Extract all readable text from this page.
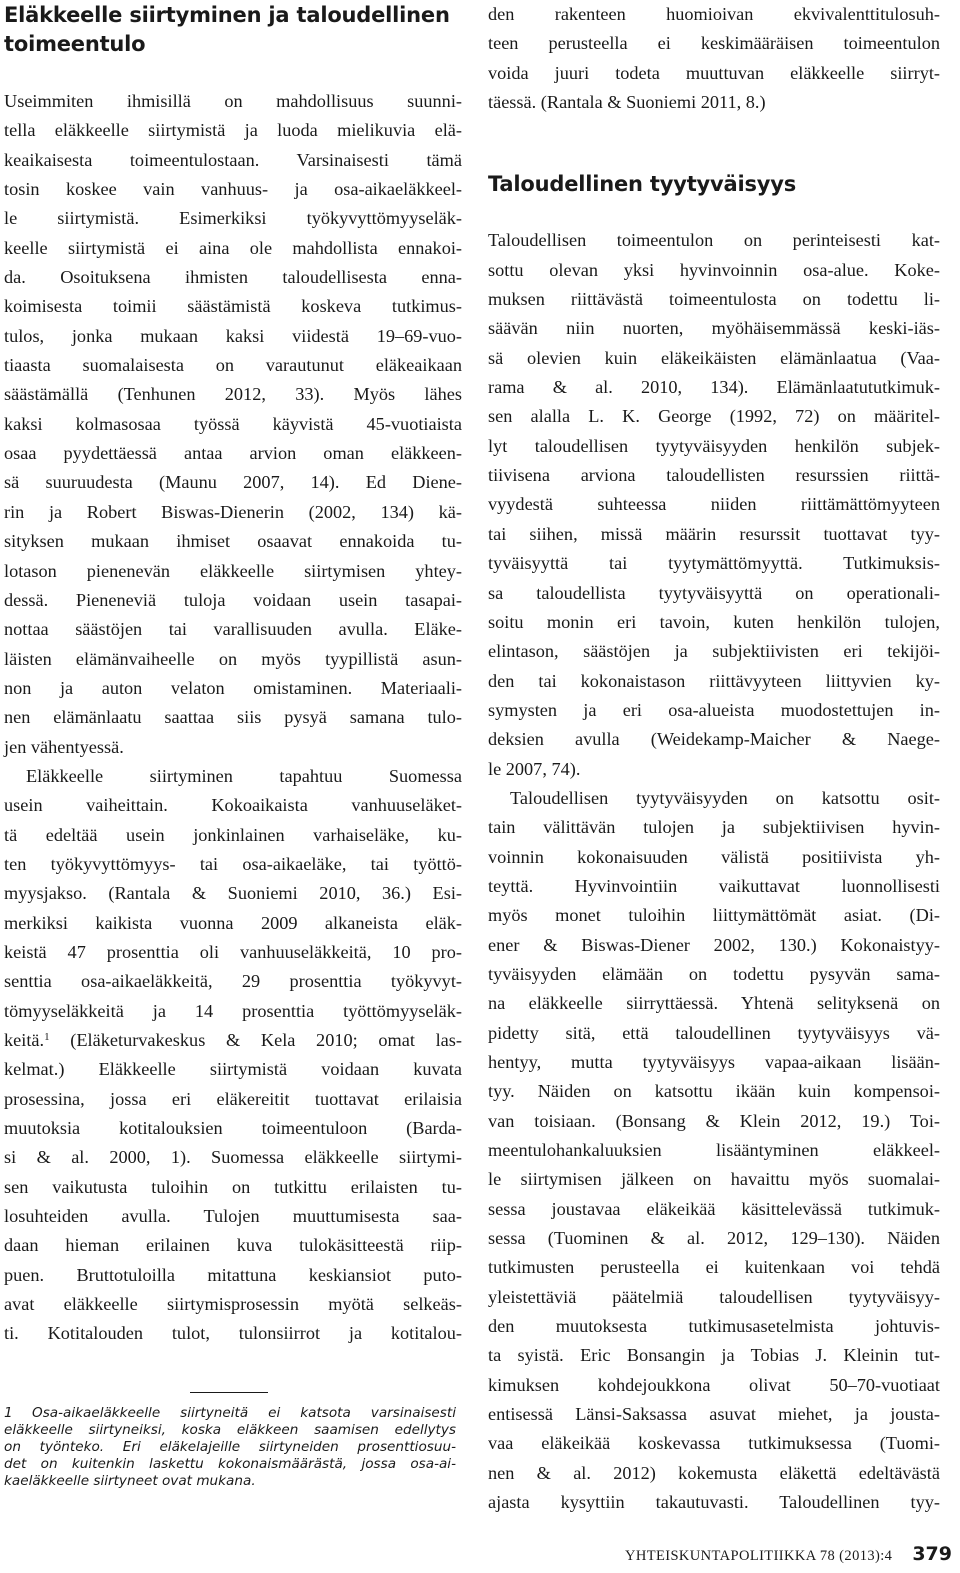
Eläkkeelle siirtyminen ja taloudellinen
toimeentulo
Useimmiten ihmisillä on mahdollisuus suunni-
tella eläkkeelle siirtymistä ja luoda mielikuvia elä-
keaikaisesta toimeentulostaan. Varsinaisesti tämä
tosin koskee vain vanhuus- ja osa-aikaeläkkeel-
le siirtymistä. Esimerkiksi työkyvyttömyyseläk-
keelle siirtymistä ei aina ole mahdollista ennakoi-
da. Osoituksena ihmisten taloudellisesta enna-
koimisesta toimii säästämistä koskeva tutkimus-
tulos, jonka mukaan kaksi viidestä 19–69-vuo-
tiaasta suomalaisesta on varautunut eläkeaikaan
säästämällä (Tenhunen 2012, 33). Myös lähes
kaksi kolmasosaa työssä käyvistä 45-vuotiaista
osaa pyydettäessä antaa arvion oman eläkkeen-
sä suuruudesta (Maunu 2007, 14). Ed Diene-
rin ja Robert Biswas-Dienerin (2002, 134) kä-
sityksen mukaan ihmiset osaavat ennakoida tu-
lotason pienenevän eläkkeelle siirtymisen yhtey-
dessä. Pieneneviä tuloja voidaan usein tasapai-
nottaa säästöjen tai varallisuuden avulla. Eläke-
läisten elämänvaiheelle on myös tyypillistä asun-
non ja auton velaton omistaminen. Materiaali-
nen elämänlaatu saattaa siis pysyä samana tulo-
jen vähentyessä.
Eläkkeelle siirtyminen tapahtuu Suomessa
usein vaiheittain. Kokoaikaista vanhuuseläket-
tä edeltää usein jonkinlainen varhaiseläke, ku-
ten työkyvyttömyys- tai osa-aikaeläke, tai työttö-
myysjakso. (Rantala & Suoniemi 2010, 36.) Esi-
merkiksi kaikista vuonna 2009 alkaneista eläk-
keistä 47 prosenttia oli vanhuuseläkkeitä, 10 pro-
senttia osa-aikaeläkkeitä, 29 prosenttia työkyvyt-
tömyyseläkkeitä ja 14 prosenttia työttömyyseläk-
keitä.$^1$ (Eläketurvakeskus & Kela 2010; omat las-
kelmat.) Eläkkeelle siirtymistä voidaan kuvata
prosessina, jossa eri eläkereitit tuottavat erilaisia
muutoksia kotitalouksien toimeentuloon (Barda-
si & al. 2000, 1). Suomessa eläkkeelle siirtymi-
sen vaikutusta tuloihin on tutkittu erilaisten tu-
losuhteiden avulla. Tulojen muuttumisesta saa-
daan hieman erilainen kuva tulokäsitteestä riip-
puen. Bruttotuloilla mitattuna keskiansiot puto-
avat eläkkeelle siirtymisprosessin myötä selkeäs-
ti. Kotitalouden tulot, tulonsiirrot ja kotitalou-
1 Osa-aikaeläkkeelle siirtyneitä ei katsota varsinaisesti
eläkkeelle siirtyneiksi, koska eläkkeen saamisen edellytys
on työnteko. Eri eläkelajeille siirtyneiden prosenttiosuu-
det on kuitenkin laskettu kokonaismäärästä, jossa osa-ai-
kaeläkkeelle siirtyneet ovat mukana.
den rakenteen huomioivan ekvivalenttitulosuh-
teen perusteella ei keskimääräisen toimeentulon
voida juuri todeta muuttuvan eläkkeelle siirryt-
täessä. (Rantala & Suoniemi 2011, 8.)
Taloudellinen tyytyväisyys
Taloudellisen toimeentulon on perinteisesti kat-
sottu olevan yksi hyvinvoinnin osa-alue. Koke-
muksen riittävästä toimeentulosta on todettu li-
säävän niin nuorten, myöhäisemmässä keski-iäs-
sä olevien kuin eläkeikäisten elämänlaatua (Vaa-
rama & al. 2010, 134). Elämänlaatututkimuk-
sen alalla L. K. George (1992, 72) on määritel-
lyt taloudellisen tyytyväisyyden henkilön subjek-
tiivisena arviona taloudellisten resurssien riittä-
vyydestä suhteessa niiden riittämättömyyteen
tai siihen, missä määrin resurssit tuottavat tyy-
tyväisyyttä tai tyytymättömyyttä. Tutkimuksis-
sa taloudellista tyytyväisyyttä on operationali-
soitu monin eri tavoin, kuten henkilön tulojen,
elintason, säästöjen ja subjektiivisten eri tekijöi-
den tai kokonaistason riittävyyteen liittyvien ky-
symysten ja eri osa-alueista muodostettujen in-
deksien avulla (Weidekamp-Maicher & Naege-
le 2007, 74).
Taloudellisen tyytyväisyyden on katsottu osit-
tain välittävän tulojen ja subjektiivisen hyvin-
voinnin kokonaisuuden välistä positiivista yh-
teyttä. Hyvinvointiin vaikuttavat luonnollisesti
myös monet tuloihin liittymättömät asiat. (Di-
ener & Biswas-Diener 2002, 130.) Kokonaistyy-
tyväisyyden elämään on todettu pysyvän sama-
na eläkkeelle siirryttäessä. Yhtenä selityksenä on
pidetty sitä, että taloudellinen tyytyväisyys vä-
hentyy, mutta tyytyväisyys vapaa-aikaan lisään-
tyy. Näiden on katsottu ikään kuin kompensoi-
van toisiaan. (Bonsang & Klein 2012, 19.) Toi-
meentulohankaluuksien lisääntyminen eläkkeel-
le siirtymisen jälkeen on havaittu myös suomalai-
sessa joustavaa eläkeikää käsittelevässä tutkimuk-
sessa (Tuominen & al. 2012, 129–130). Näiden
tutkimusten perusteella ei kuitenkaan voi tehdä
yleistettäviä päätelmiä taloudellisen tyytyväisyy-
den muutoksesta tutkimusasetelmista johtuvis-
ta syistä. Eric Bonsangin ja Tobias J. Kleinin tut-
kimuksen kohdejoukkona olivat 50–70-vuotiaat
entisessä Länsi-Saksassa asuvat miehet, ja jousta-
vaa eläkeikää koskevassa tutkimuksessa (Tuomi-
nen & al. 2012) kokemusta eläkettä edeltävästä
ajasta kysyttiin takautuvasti. Taloudellinen tyy-
YHTEISKUNTAPOLITIIKKA 78 (2013):4 379
